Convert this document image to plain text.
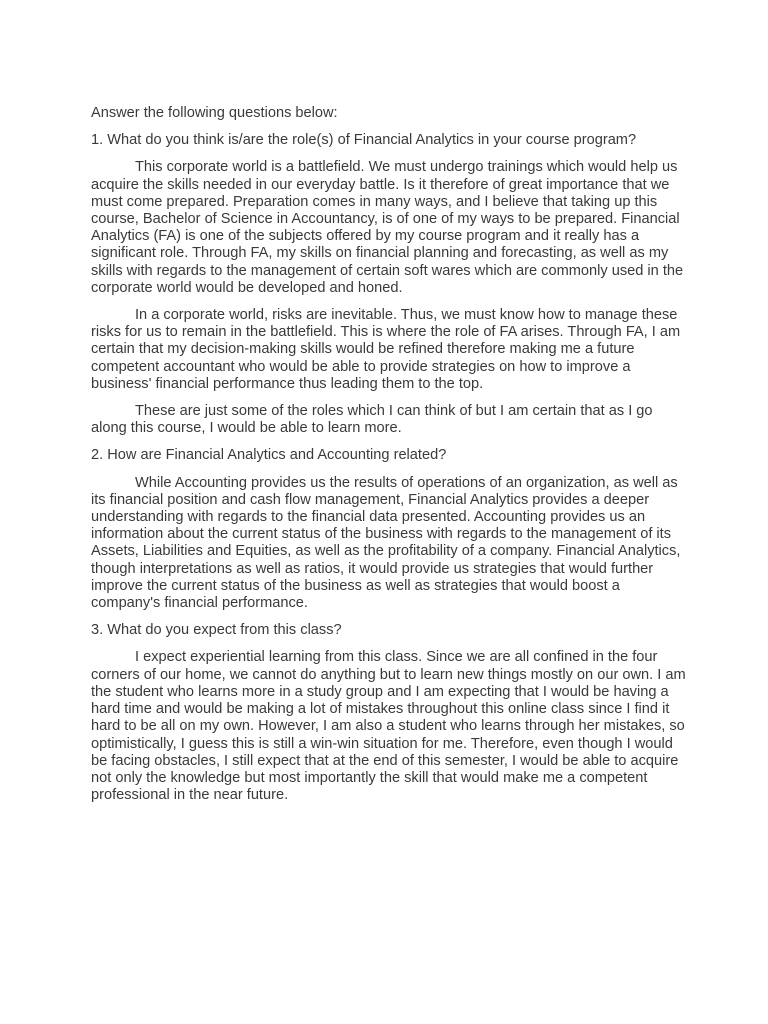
Answer the following questions below:

1. What do you think is/are the role(s) of Financial Analytics in your course program?

This corporate world is a battlefield. We must undergo trainings which would help us acquire the skills needed in our everyday battle. Is it therefore of great importance that we must come prepared. Preparation comes in many ways, and I believe that taking up this course, Bachelor of Science in Accountancy, is of one of my ways to be prepared. Financial Analytics (FA) is one of the subjects offered by my course program and it really has a significant role. Through FA, my skills on financial planning and forecasting, as well as my skills with regards to the management of certain soft wares which are commonly used in the corporate world would be developed and honed.

In a corporate world, risks are inevitable. Thus, we must know how to manage these risks for us to remain in the battlefield. This is where the role of FA arises. Through FA, I am certain that my decision-making skills would be refined therefore making me a future competent accountant who would be able to provide strategies on how to improve a business' financial performance thus leading them to the top.

These are just some of the roles which I can think of but I am certain that as I go along this course, I would be able to learn more.

2. How are Financial Analytics and Accounting related?

While Accounting provides us the results of operations of an organization, as well as its financial position and cash flow management, Financial Analytics provides a deeper understanding with regards to the financial data presented. Accounting provides us an information about the current status of the business with regards to the management of its Assets, Liabilities and Equities, as well as the profitability of a company. Financial Analytics, though interpretations as well as ratios, it would provide us strategies that would further improve the current status of the business as well as strategies that would boost a company's financial performance.

3. What do you expect from this class?

I expect experiential learning from this class. Since we are all confined in the four corners of our home, we cannot do anything but to learn new things mostly on our own. I am the student who learns more in a study group and I am expecting that I would be having a hard time and would be making a lot of mistakes throughout this online class since I find it hard to be all on my own. However, I am also a student who learns through her mistakes, so optimistically, I guess this is still a win-win situation for me. Therefore, even though I would be facing obstacles, I still expect that at the end of this semester, I would be able to acquire not only the knowledge but most importantly the skill that would make me a competent professional in the near future.
